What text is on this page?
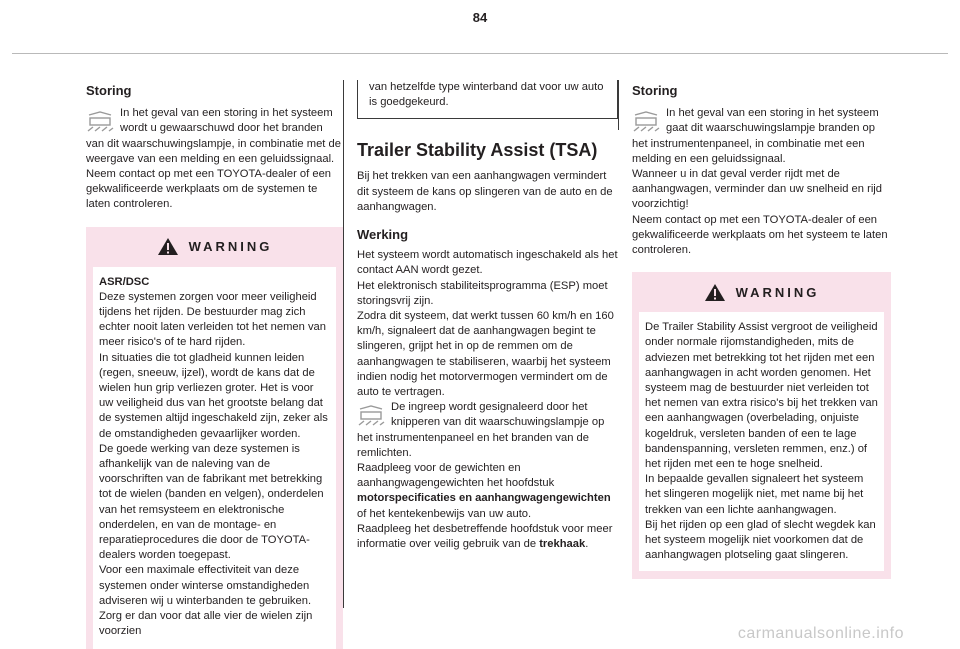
84
Storing

In het geval van een storing in het systeem wordt u gewaarschuwd door het branden van dit waarschuwingslampje, in combinatie met de weergave van een melding en een geluidssignaal.

Neem contact op met een TOYOTA-dealer of een gekwalificeerde werkplaats om de systemen te laten controleren.

WARNING

ASR/DSC

Deze systemen zorgen voor meer veiligheid tijdens het rijden. De bestuurder mag zich echter nooit laten verleiden tot het nemen van meer risico's of te hard rijden.
In situaties die tot gladheid kunnen leiden (regen, sneeuw, ijzel), wordt de kans dat de wielen hun grip verliezen groter. Het is voor uw veiligheid dus van het grootste belang dat de systemen altijd ingeschakeld zijn, zeker als de omstandigheden gevaarlijker worden.
De goede werking van deze systemen is afhankelijk van de naleving van de voorschriften van de fabrikant met betrekking tot de wielen (banden en velgen), onderdelen van het remsysteem en elektronische onderdelen, en van de montage- en reparatieprocedures die door de TOYOTA-dealers worden toegepast.
Voor een maximale effectiviteit van deze systemen onder winterse omstandigheden adviseren wij u winterbanden te gebruiken. Zorg er dan voor dat alle vier de wielen zijn voorzien

van hetzelfde type winterband dat voor uw auto is goedgekeurd.

Trailer Stability Assist (TSA)

Bij het trekken van een aanhangwagen vermindert dit systeem de kans op slingeren van de auto en de aanhangwagen.

Werking

Het systeem wordt automatisch ingeschakeld als het contact AAN wordt gezet.
Het elektronisch stabiliteitsprogramma (ESP) moet storingsvrij zijn.
Zodra dit systeem, dat werkt tussen 60 km/h en 160 km/h, signaleert dat de aanhangwagen begint te slingeren, grijpt het in op de remmen om de aanhangwagen te stabiliseren, waarbij het systeem indien nodig het motorvermogen vermindert om de auto te vertragen.

De ingreep wordt gesignaleerd door het knipperen van dit waarschuwingslampje op het instrumentenpaneel en het branden van de remlichten.

Raadpleeg voor de gewichten en aanhangwagengewichten het hoofdstuk motorspecificaties en aanhangwagengewichten of het kentekenbewijs van uw auto.
Raadpleeg het desbetreffende hoofdstuk voor meer informatie over veilig gebruik van de trekhaak.

Storing

In het geval van een storing in het systeem gaat dit waarschuwingslampje branden op het instrumentenpaneel, in combinatie met een melding en een geluidssignaal.

Wanneer u in dat geval verder rijdt met de aanhangwagen, verminder dan uw snelheid en rijd voorzichtig!

Neem contact op met een TOYOTA-dealer of een gekwalificeerde werkplaats om het systeem te laten controleren.

WARNING

De Trailer Stability Assist vergroot de veiligheid onder normale rijomstandigheden, mits de adviezen met betrekking tot het rijden met een aanhangwagen in acht worden genomen. Het systeem mag de bestuurder niet verleiden tot het nemen van extra risico's bij het trekken van een aanhangwagen (overbelading, onjuiste kogeldruk, versleten banden of een te lage bandenspanning, versleten remmen, enz.) of het rijden met een te hoge snelheid.
In bepaalde gevallen signaleert het systeem het slingeren mogelijk niet, met name bij het trekken van een lichte aanhangwagen.
Bij het rijden op een glad of slecht wegdek kan het systeem mogelijk niet voorkomen dat de aanhangwagen plotseling gaat slingeren.

carmanualsonline.info
